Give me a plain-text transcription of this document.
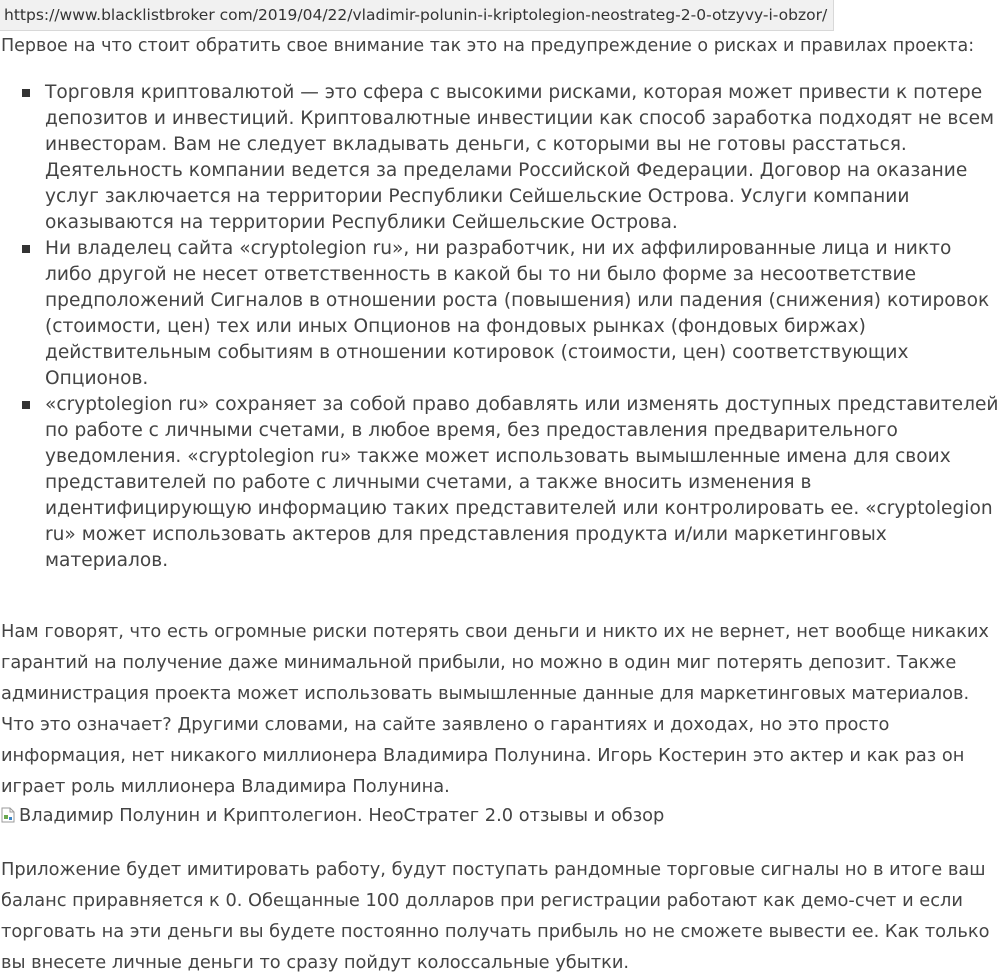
https://www.blacklistbroker com/2019/04/22/vladimir-polunin-i-kriptolegion-neostrateg-2-0-otzyvy-i-obzor/

Первое на что стоит обратить свое внимание так это на предупреждение о рисках и правилах проекта:

Торговля криптовалютой — это сфера с высокими рисками, которая может привести к потере депозитов и инвестиций. Криптовалютные инвестиции как способ заработка подходят не всем инвесторам. Вам не следует вкладывать деньги, с которыми вы не готовы расстаться. Деятельность компании ведется за пределами Российской Федерации. Договор на оказание услуг заключается на территории Республики Сейшельские Острова. Услуги компании оказываются на территории Республики Сейшельские Острова.
Ни владелец сайта «cryptolegion ru», ни разработчик, ни их аффилированные лица и никто либо другой не несет ответственность в какой бы то ни было форме за несоответствие предположений Сигналов в отношении роста (повышения) или падения (снижения) котировок (стоимости, цен) тех или иных Опционов на фондовых рынках (фондовых биржах) действительным событиям в отношении котировок (стоимости, цен) соответствующих Опционов.
«cryptolegion ru» сохраняет за собой право добавлять или изменять доступных представителей по работе с личными счетами, в любое время, без предоставления предварительного уведомления. «cryptolegion ru» также может использовать вымышленные имена для своих представителей по работе с личными счетами, а также вносить изменения в идентифицирующую информацию таких представителей или контролировать ее. «cryptolegion ru» может использовать актеров для представления продукта и/или маркетинговых материалов.

Нам говорят, что есть огромные риски потерять свои деньги и никто их не вернет, нет вообще никаких гарантий на получение даже минимальной прибыли, но можно в один миг потерять депозит. Также администрация проекта может использовать вымышленные данные для маркетинговых материалов. Что это означает? Другими словами, на сайте заявлено о гарантиях и доходах, но это просто информация, нет никакого миллионера Владимира Полунина. Игорь Костерин это актер и как раз он играет роль миллионера Владимира Полунина.

Владимир Полунин и Криптолегион. НеоСтратег 2.0 отзывы и обзор

Приложение будет имитировать работу, будут поступать рандомные торговые сигналы но в итоге ваш баланс приравняется к 0. Обещанные 100 долларов при регистрации работают как демо-счет и если торговать на эти деньги вы будете постоянно получать прибыль но не сможете вывести ее. Как только вы внесете личные деньги то сразу пойдут колоссальные убытки.
